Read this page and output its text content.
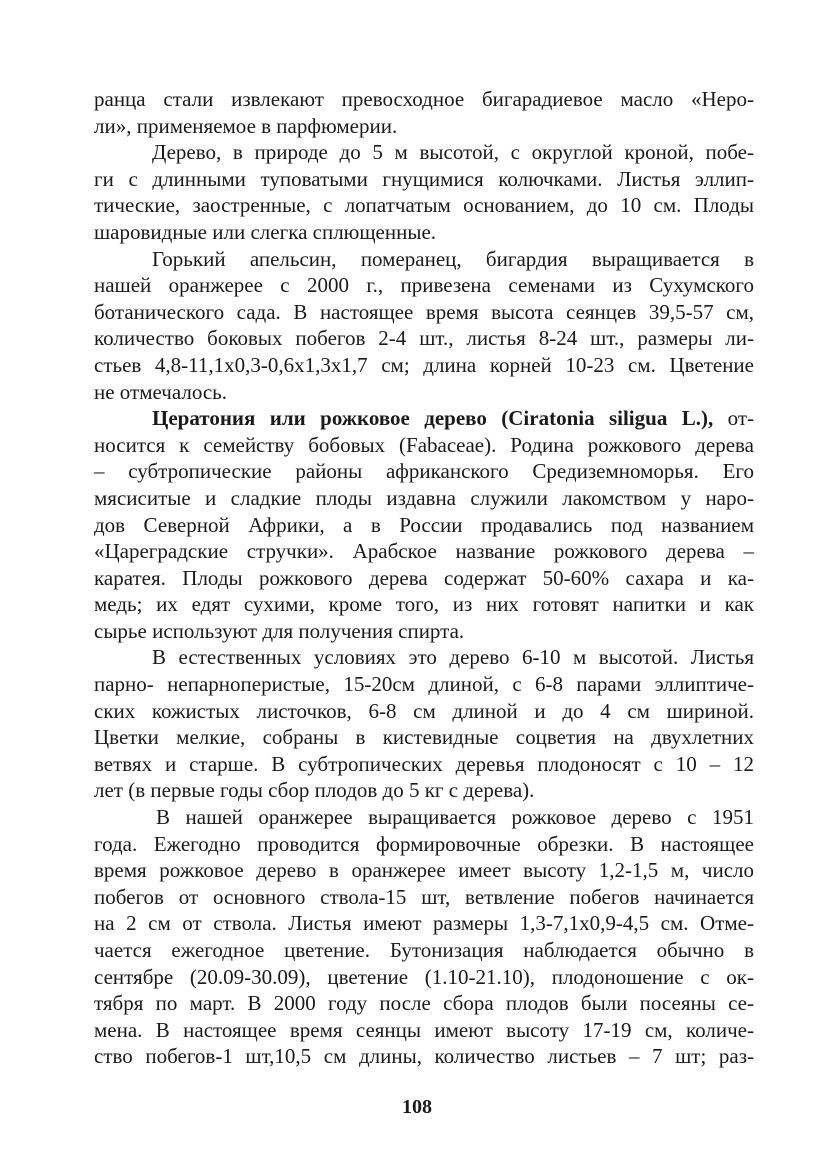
ранца стали извлекают превосходное бигарадиевое масло «Неро-
ли», применяемое в парфюмерии.

Дерево, в природе до 5 м высотой, с округлой кроной, побе-
ги с длинными туповатыми гнущимися колючками. Листья эллип-
тические, заостренные, с лопатчатым основанием, до 10 см. Плоды
шаровидные или слегка сплющенные.

Горький апельсин, померанец, бигардия выращивается в
нашей оранжерее с 2000 г., привезена семенами из Сухумского
ботанического сада. В настоящее время высота сеянцев 39,5-57 см,
количество боковых побегов 2-4 шт., листья 8-24 шт., размеры ли-
стьев 4,8-11,1х0,3-0,6х1,3х1,7 см; длина корней 10-23 см. Цветение
не отмечалось.

Цератония или рожковое дерево (Ciratonia siligua L.), от-
носится к семейству бобовых (Fabaceae). Родина рожкового дерева
– субтропические районы африканского Средиземноморья. Его
мясиситые и сладкие плоды издавна служили лакомством у наро-
дов Северной Африки, а в России продавались под названием
«Цареградские стручки». Арабское название рожкового дерева –
каратея. Плоды рожкового дерева содержат 50-60% сахара и ка-
медь; их едят сухими, кроме того, из них готовят напитки и как
сырье используют для получения спирта.

В естественных условиях это дерево 6-10 м высотой. Листья
парно- непарноперистые, 15-20см длиной, с 6-8 парами эллиптиче-
ских кожистых листочков, 6-8 см длиной и до 4 см шириной.
Цветки мелкие, собраны в кистевидные соцветия на двухлетних
ветвях и старше. В субтропических деревья плодоносят с 10 – 12
лет (в первые годы сбор плодов до 5 кг с дерева).

В нашей оранжерее выращивается рожковое дерево с 1951
года. Ежегодно проводится формировочные обрезки. В настоящее
время рожковое дерево в оранжерее имеет высоту 1,2-1,5 м, число
побегов от основного ствола-15 шт, ветвление побегов начинается
на 2 см от ствола. Листья имеют размеры 1,3-7,1х0,9-4,5 см. Отме-
чается ежегодное цветение. Бутонизация наблюдается обычно в
сентябре (20.09-30.09), цветение (1.10-21.10), плодоношение с ок-
тября по март. В 2000 году после сбора плодов были посеяны се-
мена. В настоящее время сеянцы имеют высоту 17-19 см, количе-
ство побегов-1 шт,10,5 см длины, количество листьев – 7 шт; раз-

108
